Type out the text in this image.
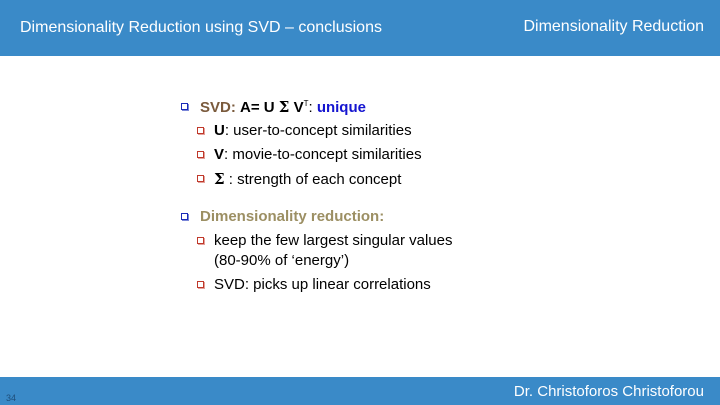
Dimensionality Reduction using SVD – conclusions	Dimensionality Reduction
SVD: A= U Σ $V^T$: unique
U: user-to-concept similarities
V: movie-to-concept similarities
Σ : strength of each concept
Dimensionality reduction:
keep the few largest singular values
(80-90% of ‘energy’)
SVD: picks up linear correlations
34	Dr. Christoforos Christoforou
